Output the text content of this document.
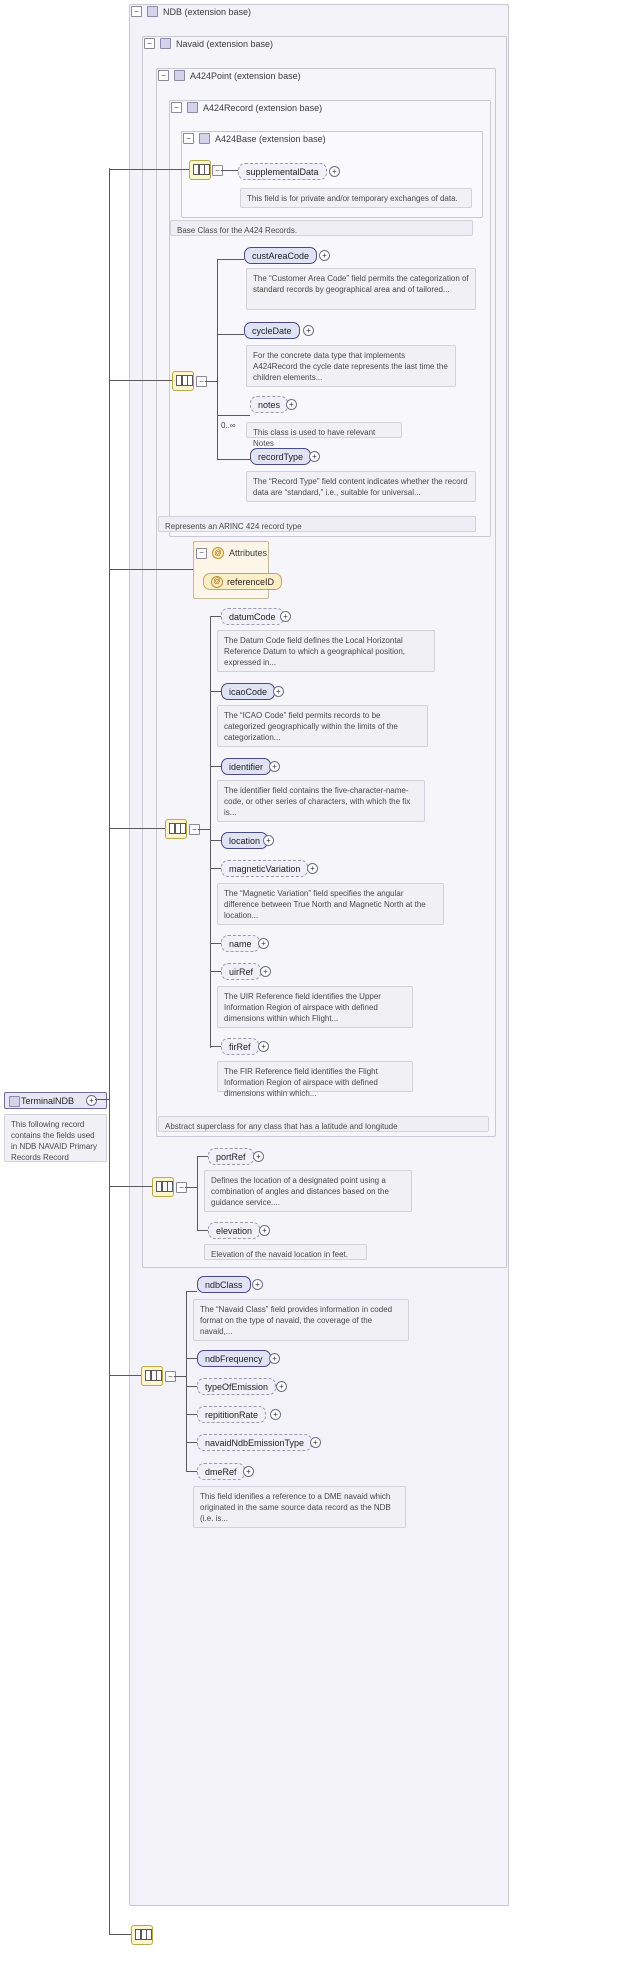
−	NDB (extension base)
−	Navaid (extension base)
−	A424Point (extension base)
−	A424Record (extension base)
−	A424Base (extension base)
TerminalNDB	+
This following record contains the fields used in NDB NAVAID Primary Records Record
−	supplementalData	+
This field is for private and/or temporary exchanges of data.
Base Class for the A424 Records.
−
custAreaCode	+
The “Customer Area Code” field permits the categorization of standard records by geographical area and of tailored...
cycleDate	+
For the concrete data type that implements A424Record the cycle date represents the last time the children elements...
0..∞
notes	+
This class is used to have relevant Notes
recordType	+
The “Record Type” field content indicates whether the record data are “standard,” i.e., suitable for universal...
Represents an ARINC 424 record type
−	@ Attributes
@ referenceID
−
datumCode +
The Datum Code field defines the Local Horizontal Reference Datum to which a geographical position, expressed in...
icaoCode	+
The “ICAO Code” field permits records to be categorized geographically within the limits of the categorization...
identifier	+
The identifier field contains the five-character-name-code, or other series of characters, with which the fix is...
location +
magneticVariation	+
The “Magnetic Variation” field specifies the angular difference between True North and Magnetic North at the location...
name	+
uirRef	+
The UIR Reference field identifies the Upper Information Region of airspace with defined dimensions within which Flight...
firRef	+
The FIR Reference field identifies the Flight Information Region of airspace with defined dimensions within which...
Abstract superclass for any class that has a latitude and longitude
−
portRef	+
Defines the location of a designated point using a combination of angles and distances based on the guidance service....
elevation	+
Elevation of the navaid location in feet.
−
ndbClass	+
The “Navaid Class” field provides information in coded format on the type of navaid, the coverage of the navaid,...
ndbFrequency	+
typeOfEmission	+
repititionRate	+
navaidNdbEmissionType	+
dmeRef	+
This field idenifies a reference to a DME navaid which originated in the same source data record as the NDB (i.e. is...
